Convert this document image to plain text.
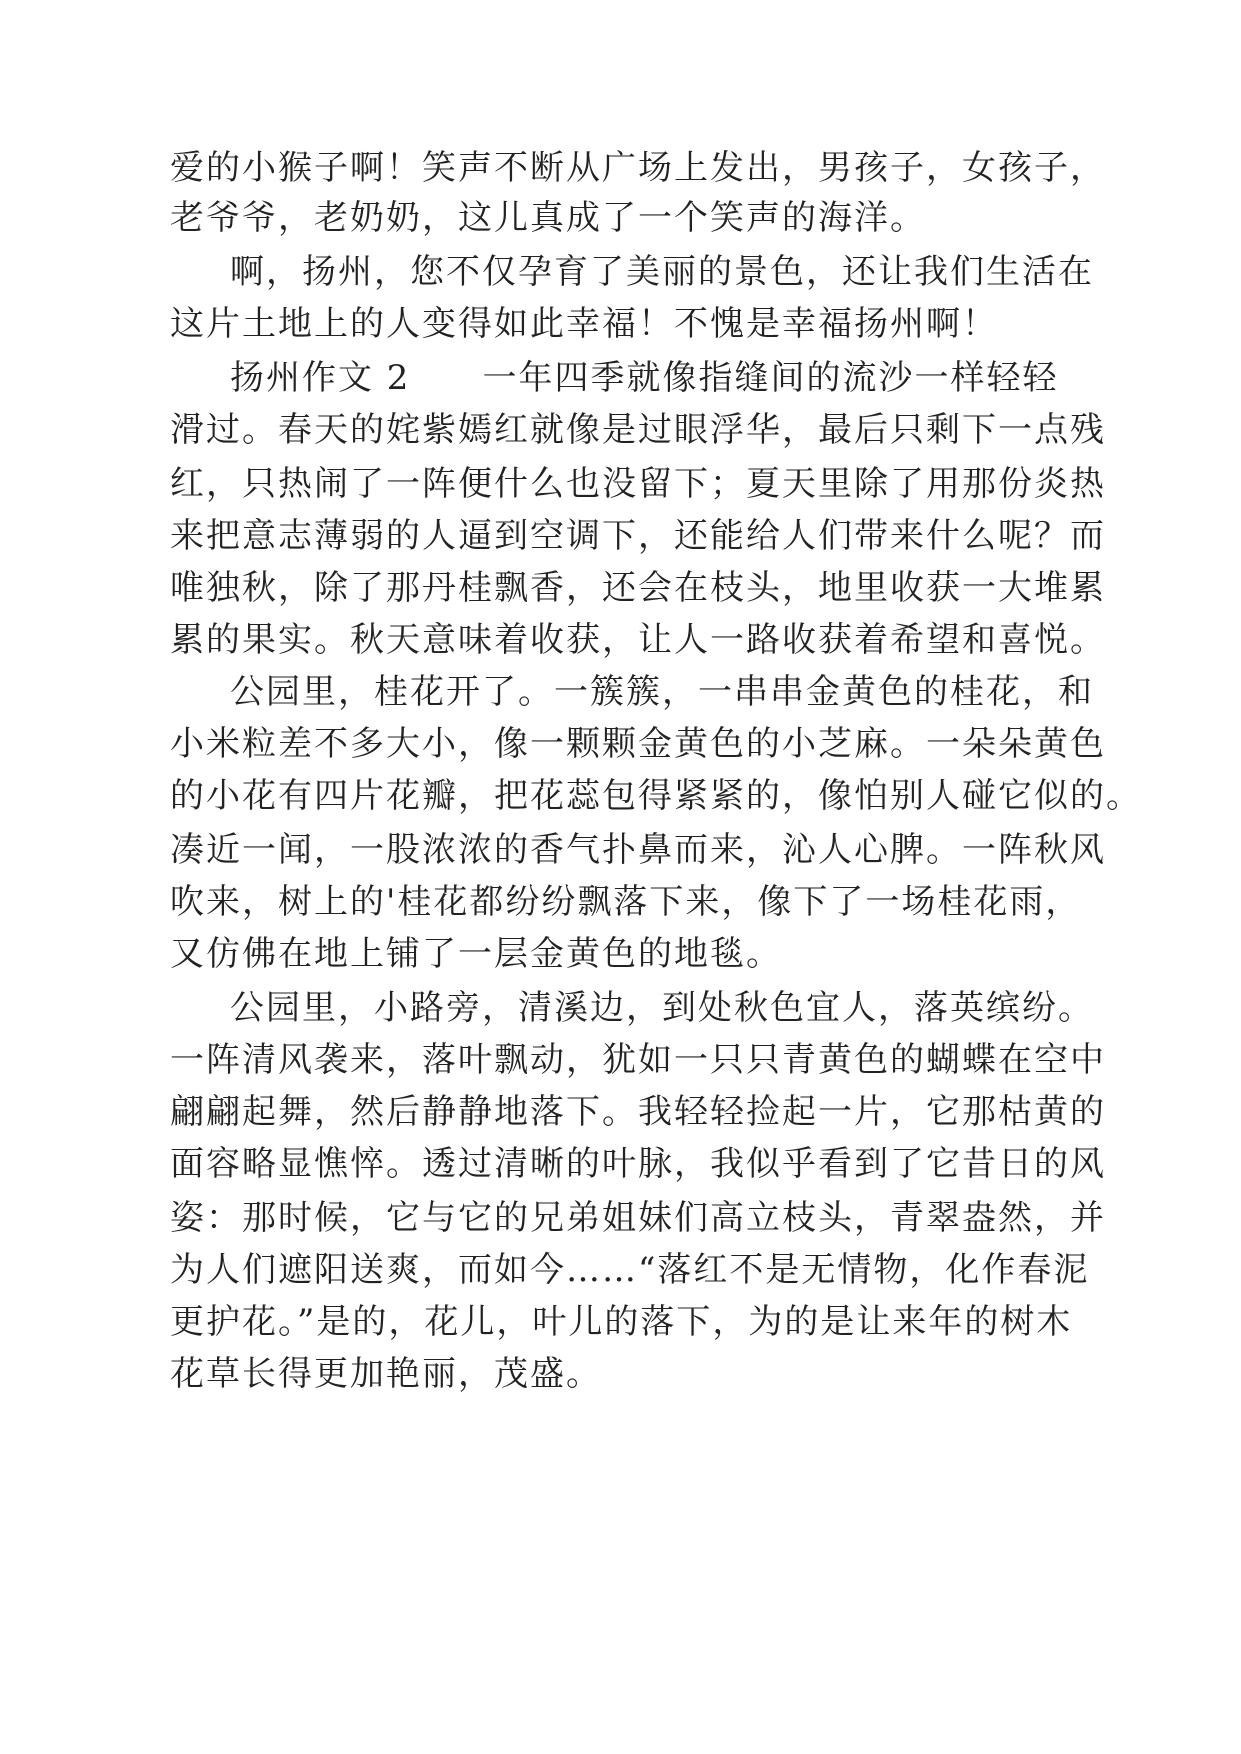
爱的小猴子啊！笑声不断从广场上发出，男孩子，女孩子，

老爷爷，老奶奶，这儿真成了一个笑声的海洋。

啊，扬州，您不仅孕育了美丽的景色，还让我们生活在

这片土地上的人变得如此幸福！不愧是幸福扬州啊！

扬州作文 2　　一年四季就像指缝间的流沙一样轻轻

滑过。春天的姹紫嫣红就像是过眼浮华，最后只剩下一点残

红，只热闹了一阵便什么也没留下；夏天里除了用那份炎热

来把意志薄弱的人逼到空调下，还能给人们带来什么呢？而

唯独秋，除了那丹桂飘香，还会在枝头，地里收获一大堆累

累的果实。秋天意味着收获，让人一路收获着希望和喜悦。

公园里，桂花开了。一簇簇，一串串金黄色的桂花，和

小米粒差不多大小，像一颗颗金黄色的小芝麻。一朵朵黄色

的小花有四片花瓣，把花蕊包得紧紧的，像怕别人碰它似的。

凑近一闻，一股浓浓的香气扑鼻而来，沁人心脾。一阵秋风

吹来，树上的'桂花都纷纷飘落下来，像下了一场桂花雨，

又仿佛在地上铺了一层金黄色的地毯。

公园里，小路旁，清溪边，到处秋色宜人，落英缤纷。

一阵清风袭来，落叶飘动，犹如一只只青黄色的蝴蝶在空中

翩翩起舞，然后静静地落下。我轻轻捡起一片，它那枯黄的

面容略显憔悴。透过清晰的叶脉，我似乎看到了它昔日的风

姿：那时候，它与它的兄弟姐妹们高立枝头，青翠盎然，并

为人们遮阳送爽，而如今……“落红不是无情物，化作春泥

更护花。”是的，花儿，叶儿的落下，为的是让来年的树木

花草长得更加艳丽，茂盛。
